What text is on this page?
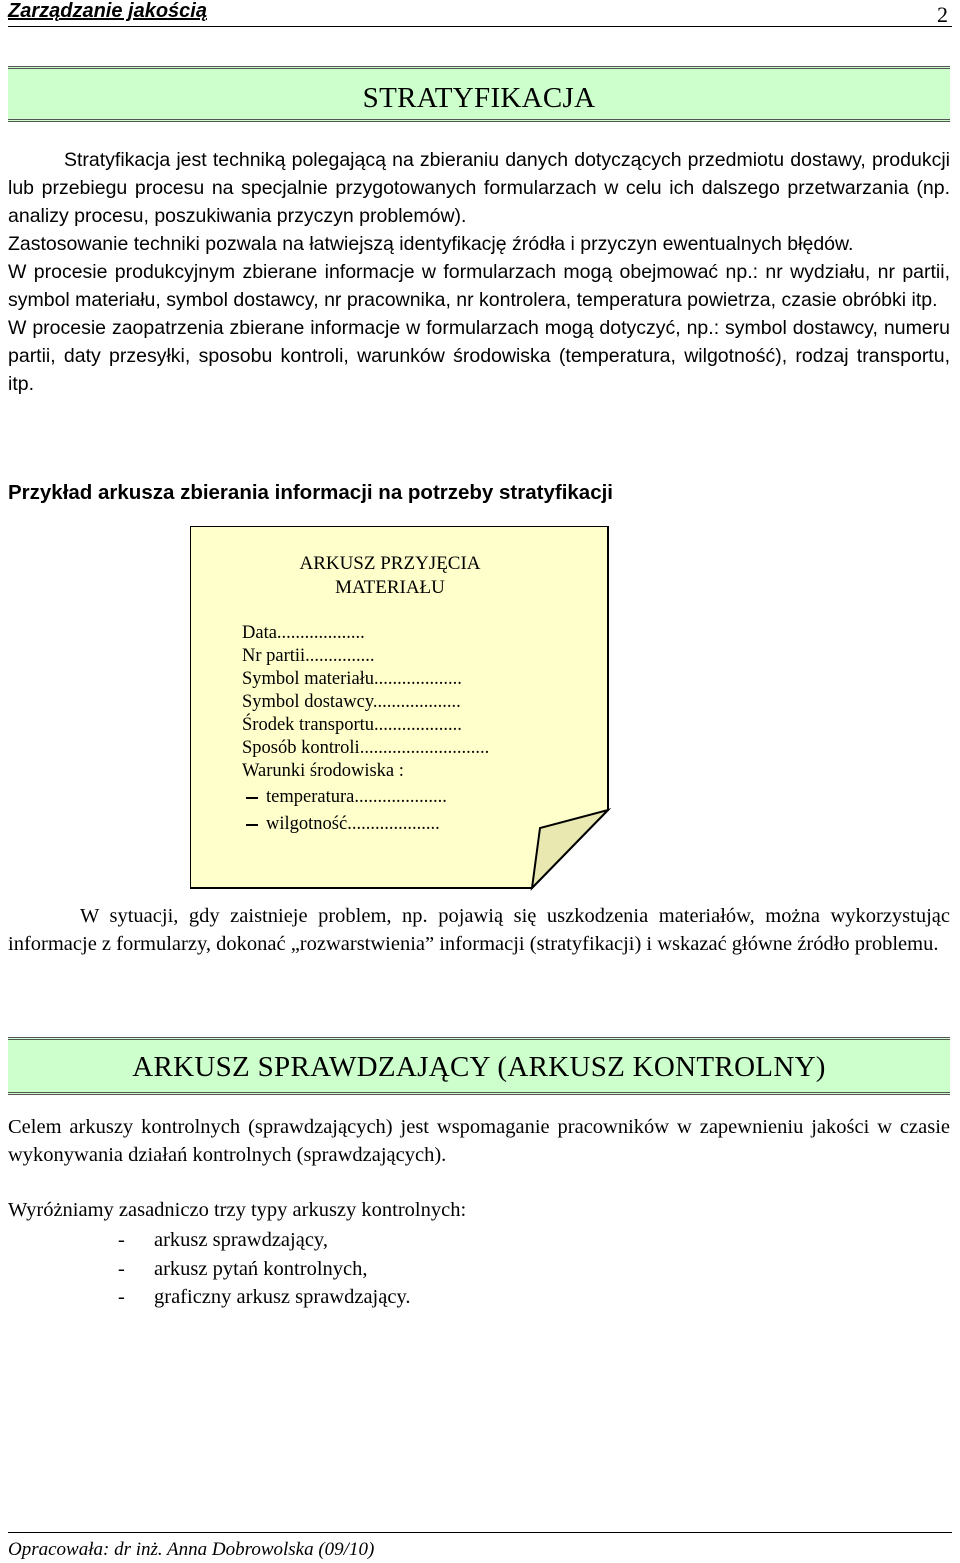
Zarządzanie jakością	2
STRATYFIKACJA

Stratyfikacja jest techniką polegającą na zbieraniu danych dotyczących przedmiotu dostawy, produkcji lub przebiegu procesu na specjalnie przygotowanych formularzach w celu ich dalszego przetwarzania (np. analizy procesu, poszukiwania przyczyn problemów).

Zastosowanie techniki pozwala na łatwiejszą identyfikację źródła i przyczyn ewentualnych błędów.

W procesie produkcyjnym zbierane informacje w formularzach mogą obejmować np.: nr wydziału, nr partii, symbol materiału, symbol dostawcy, nr pracownika, nr kontrolera, temperatura powietrza, czasie obróbki itp.

W procesie zaopatrzenia zbierane informacje w formularzach mogą dotyczyć, np.: symbol dostawcy, numeru partii, daty przesyłki, sposobu kontroli, warunków środowiska (temperatura, wilgotność), rodzaj transportu, itp.

Przykład arkusza zbierania informacji na potrzeby stratyfikacji
ARKUSZ PRZYJĘCIA
MATERIAŁU
Data...................
Nr partii...............
Symbol materiału...................
Symbol dostawcy...................
Środek transportu...................
Sposób kontroli............................
Warunki środowiska :
temperatura....................
wilgotność....................

W sytuacji, gdy zaistnieje problem, np. pojawią się uszkodzenia materiałów, można wykorzystując informacje z formularzy, dokonać „rozwarstwienia” informacji (stratyfikacji) i wskazać główne źródło problemu.

ARKUSZ SPRAWDZAJĄCY (ARKUSZ KONTROLNY)
Celem arkuszy kontrolnych (sprawdzających) jest wspomaganie pracowników w zapewnieniu jakości w czasie wykonywania działań kontrolnych (sprawdzających).
Wyróżniamy zasadniczo trzy typy arkuszy kontrolnych:
- arkusz sprawdzający,
- arkusz pytań kontrolnych,
- graficzny arkusz sprawdzający.
Opracowała: dr inż. Anna Dobrowolska (09/10)
